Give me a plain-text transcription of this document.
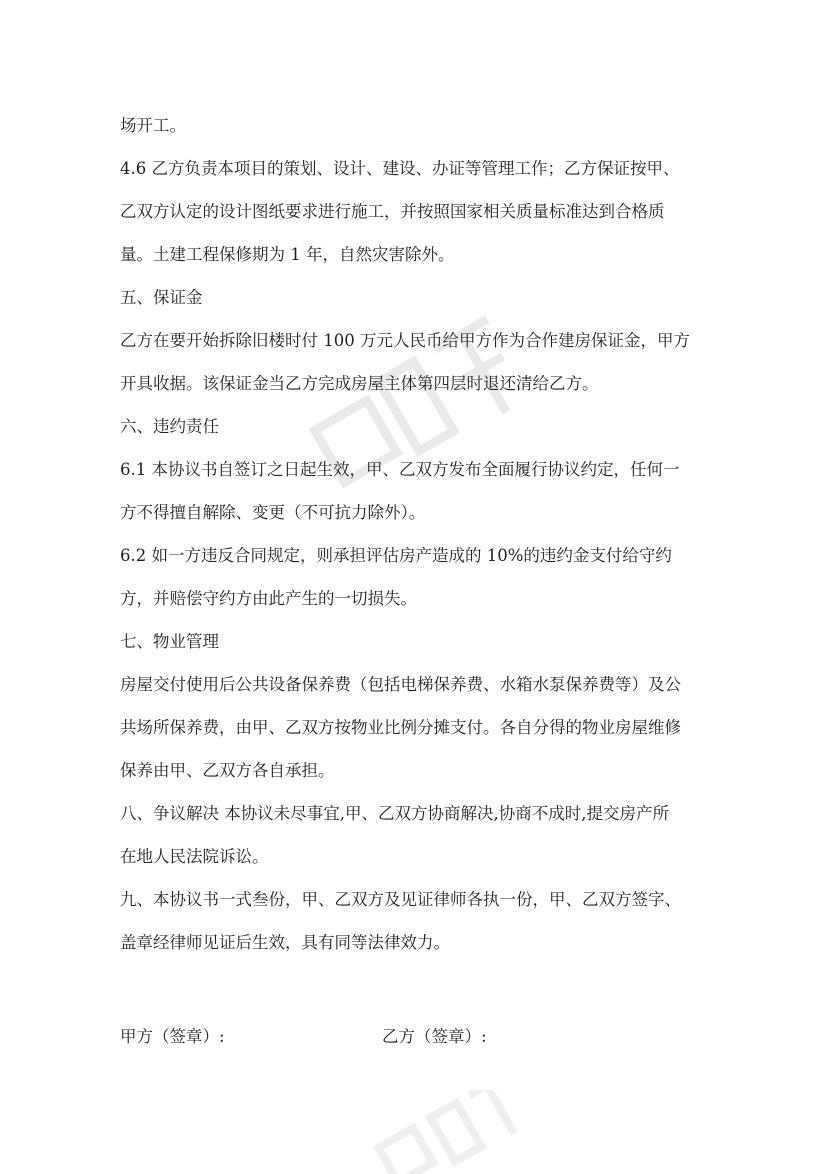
场开工。
4.6 乙方负责本项目的策划、设计、建设、办证等管理工作；乙方保证按甲、
乙双方认定的设计图纸要求进行施工，并按照国家相关质量标准达到合格质
量。土建工程保修期为 1 年，自然灾害除外。
五、保证金
乙方在要开始拆除旧楼时付 100 万元人民币给甲方作为合作建房保证金，甲方
开具收据。该保证金当乙方完成房屋主体第四层时退还清给乙方。
六、违约责任
6.1 本协议书自签订之日起生效，甲、乙双方发布全面履行协议约定，任何一
方不得擅自解除、变更（不可抗力除外）。
6.2 如一方违反合同规定，则承担评估房产造成的 10%的违约金支付给守约
方，并赔偿守约方由此产生的一切损失。
七、物业管理
房屋交付使用后公共设备保养费（包括电梯保养费、水箱水泵保养费等）及公
共场所保养费，由甲、乙双方按物业比例分摊支付。各自分得的物业房屋维修
保养由甲、乙双方各自承担。
八、争议解决 本协议未尽事宜,甲、乙双方协商解决,协商不成时,提交房产所
在地人民法院诉讼。
九、本协议书一式叁份，甲、乙双方及见证律师各执一份，甲、乙双方签字、
盖章经律师见证后生效，具有同等法律效力。
甲方（签章）:	乙方（签章）:
